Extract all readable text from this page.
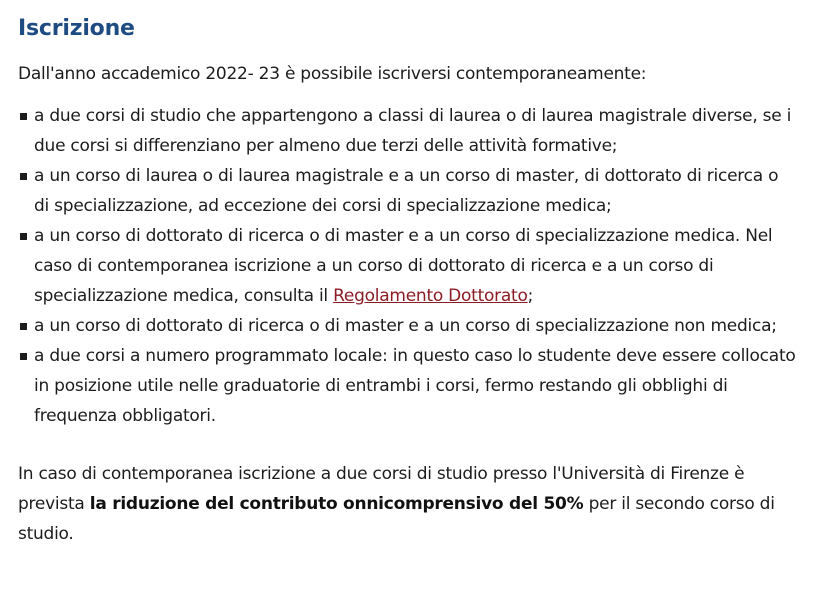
Iscrizione

Dall'anno accademico 2022- 23 è possibile iscriversi contemporaneamente:

a due corsi di studio che appartengono a classi di laurea o di laurea magistrale diverse, se i due corsi si differenziano per almeno due terzi delle attività formative;
a un corso di laurea o di laurea magistrale e a un corso di master, di dottorato di ricerca o di specializzazione, ad eccezione dei corsi di specializzazione medica;
a un corso di dottorato di ricerca o di master e a un corso di specializzazione medica. Nel caso di contemporanea iscrizione a un corso di dottorato di ricerca e a un corso di specializzazione medica, consulta il Regolamento Dottorato;
a un corso di dottorato di ricerca o di master e a un corso di specializzazione non medica;
a due corsi a numero programmato locale: in questo caso lo studente deve essere collocato in posizione utile nelle graduatorie di entrambi i corsi, fermo restando gli obblighi di frequenza obbligatori.

In caso di contemporanea iscrizione a due corsi di studio presso l'Università di Firenze è prevista la riduzione del contributo onnicomprensivo del 50% per il secondo corso di studio.
